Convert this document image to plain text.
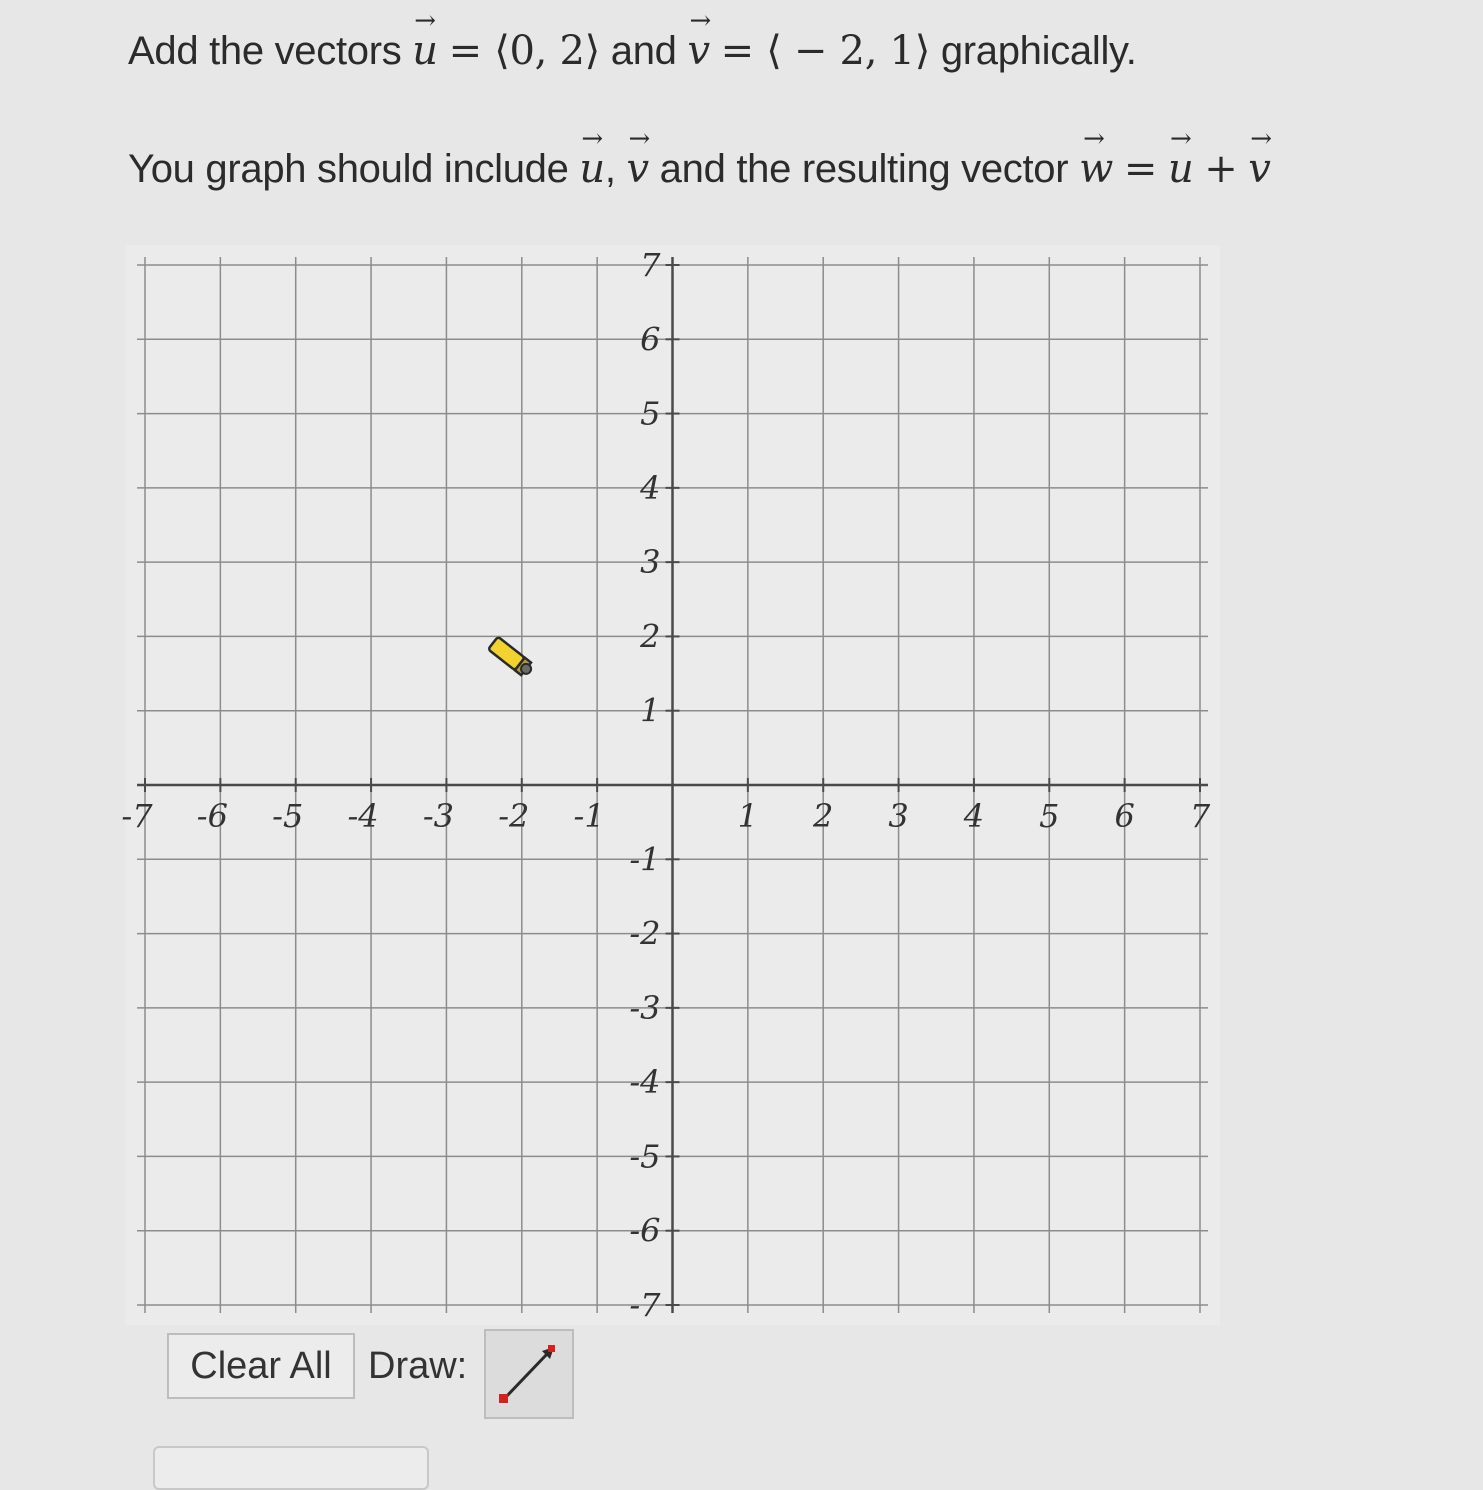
Add the vectors
→
u = ⟨0, 2⟩ and
→
v = ⟨ − 2, 1⟩ graphically.
You graph should include
→
u,
→
v and the resulting vector
→
w =
→
u +
→
v
-7 -6 -5 -4 -3 -2 -1	1 2 3 4 5 6 7
7
6
5
4
3
2
1
-1
-2
-3
-4
-5
-6
-7
Clear All Draw:
